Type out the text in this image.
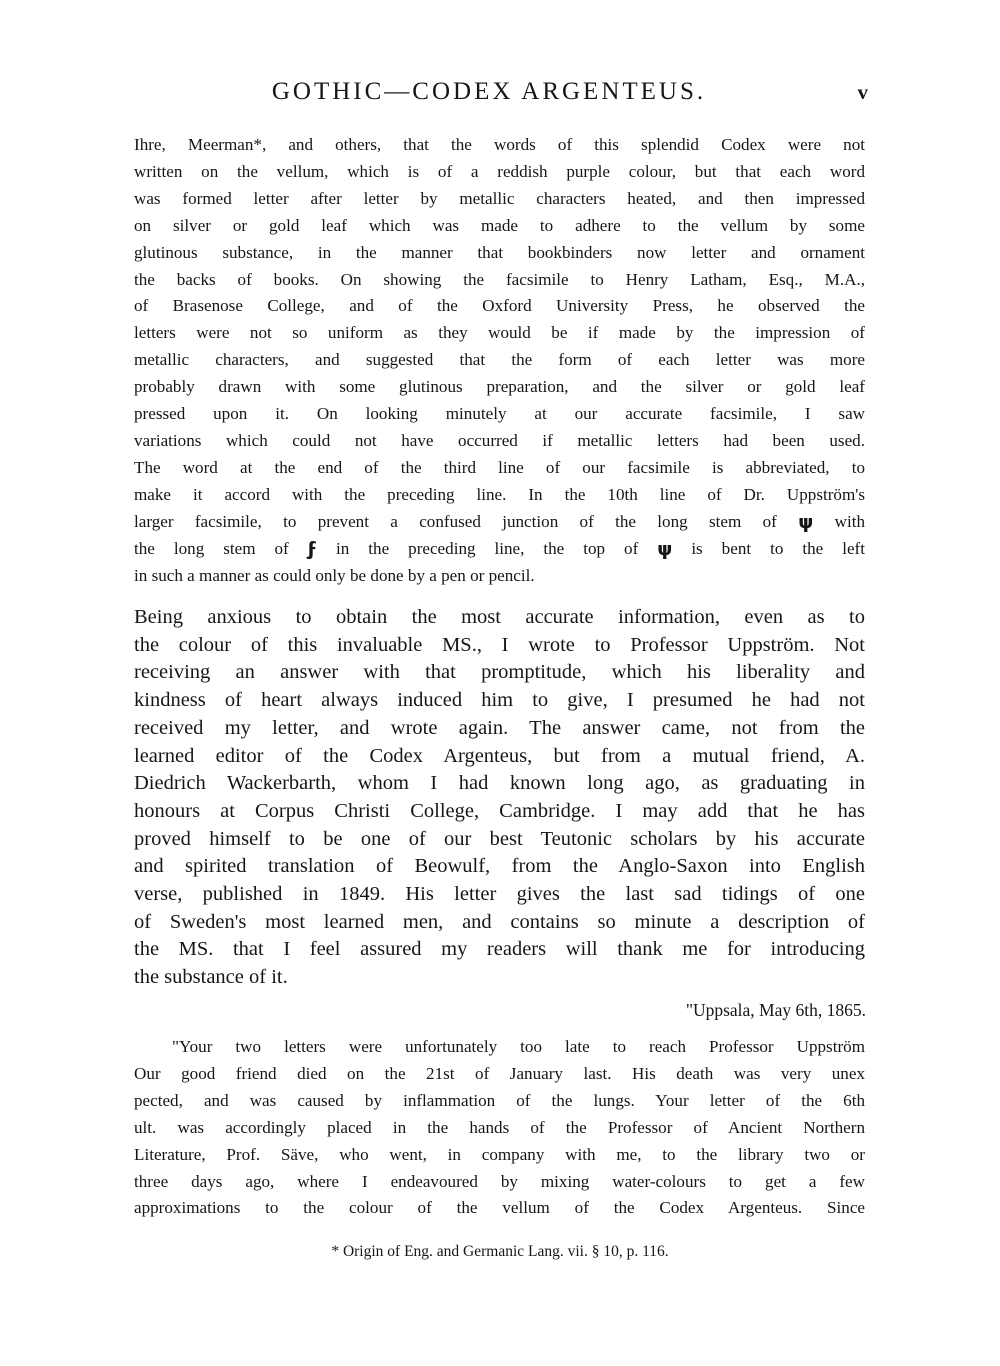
GOTHIC—CODEX ARGENTEUS.	v
Ihre, Meerman*, and others, that the words of this splendid Codex were not
written on the vellum, which is of a reddish purple colour, but that each word
was formed letter after letter by metallic characters heated, and then impressed
on silver or gold leaf which was made to adhere to the vellum by some
glutinous substance, in the manner that bookbinders now letter and ornament
the backs of books. On showing the facsimile to Henry Latham, Esq., M.A.,
of Brasenose College, and of the Oxford University Press, he observed the
letters were not so uniform as they would be if made by the impression of
metallic characters, and suggested that the form of each letter was more
probably drawn with some glutinous preparation, and the silver or gold leaf
pressed upon it. On looking minutely at our accurate facsimile, I saw
variations which could not have occurred if metallic letters had been used.
The word at the end of the third line of our facsimile is abbreviated, to
make it accord with the preceding line. In the 10th line of Dr. Uppström's
larger facsimile, to prevent a confused junction of the long stem of ψ with
the long stem of ϝ in the preceding line, the top of ψ is bent to the left
in such a manner as could only be done by a pen or pencil.
Being anxious to obtain the most accurate information, even as to
the colour of this invaluable MS., I wrote to Professor Uppström. Not
receiving an answer with that promptitude, which his liberality and
kindness of heart always induced him to give, I presumed he had not
received my letter, and wrote again. The answer came, not from the
learned editor of the Codex Argenteus, but from a mutual friend, A.
Diedrich Wackerbarth, whom I had known long ago, as graduating in
honours at Corpus Christi College, Cambridge. I may add that he has
proved himself to be one of our best Teutonic scholars by his accurate
and spirited translation of Beowulf, from the Anglo-Saxon into English
verse, published in 1849. His letter gives the last sad tidings of one
of Sweden's most learned men, and contains so minute a description of
the MS. that I feel assured my readers will thank me for introducing
the substance of it.
"Uppsala, May 6th, 1865.
"Your two letters were unfortunately too late to reach Professor Uppström
Our good friend died on the 21st of January last. His death was very unex
pected, and was caused by inflammation of the lungs. Your letter of the 6th
ult. was accordingly placed in the hands of the Professor of Ancient Northern
Literature, Prof. Säve, who went, in company with me, to the library two or
three days ago, where I endeavoured by mixing water-colours to get a few
approximations to the colour of the vellum of the Codex Argenteus. Since
* Origin of Eng. and Germanic Lang. vii. § 10, p. 116.
